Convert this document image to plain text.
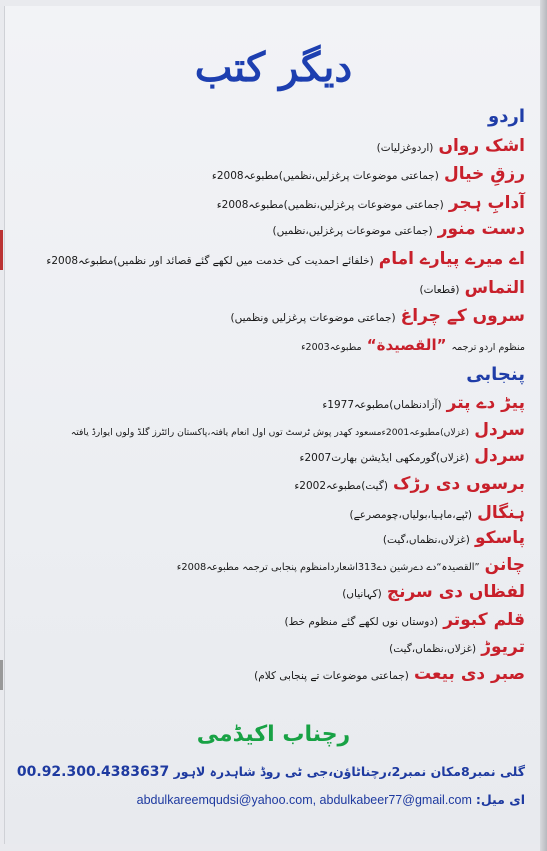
دیگر کتب
اردو
اشک رواں (اردوغزلیات)
رزقِ خیال (جماعتی موضوعات پرغزلیں،نظمیں)مطبوعہ2008ء
آدابِ ہجر (جماعتی موضوعات پرغزلیں،نظمیں)مطبوعہ2008ء
دست منور (جماعتی موضوعات پرغزلیں،نظمیں)
اے میرے پیارے امام (خلفائے احمدیت کی خدمت میں لکھے گئے قصائد اور نظمیں)مطبوعہ2008ء
التماس (قطعات)
سروں کے چراغ (جماعتی موضوعات پرغزلیں ونظمیں)
منظوم اردو ترجمہ ”القصیدة“ مطبوعہ2003ء
پنجابی
پیڑ دے پتر (آزادنظماں)مطبوعہ1977ء
سردل (غزلاں)مطبوعہ2001ءمسعود کھدر پوش ٹرسٹ توں اول انعام یافتہ،پاکستان رائٹرز گلڈ ولوں ایوارڈ یافتہ
سردل (غزلاں)گورمکھی ایڈیشن بھارت2007ء
برسوں دی رڑک (گیت)مطبوعہ2002ء
ہنگال (ٹپے،ماہیا،بولیاں،چومصرعے)
پاسکو (غزلاں،نظماں،گیت)
چانن ”القصیدہ“دے دےرشین دے313اشعاردامنظوم پنجابی ترجمہ مطبوعہ2008ء
لفظاں دی سرنج (کہانیاں)
قلم کبوتر (دوستاں نوں لکھے گئے منظوم خط)
تریوڑ (غزلاں،نظماں،گیت)
صبر دی بیعت (جماعتی موضوعات تے پنجابی کلام)
رچناب اکیڈمی
گلی نمبر8مکان نمبر2،رچناٹاؤن،جی ٹی روڈ شاہدرہ لاہور 00.92.300.4383637
ای میل: abdulkareemqudsi@yahoo.com, abdulkabeer77@gmail.com
